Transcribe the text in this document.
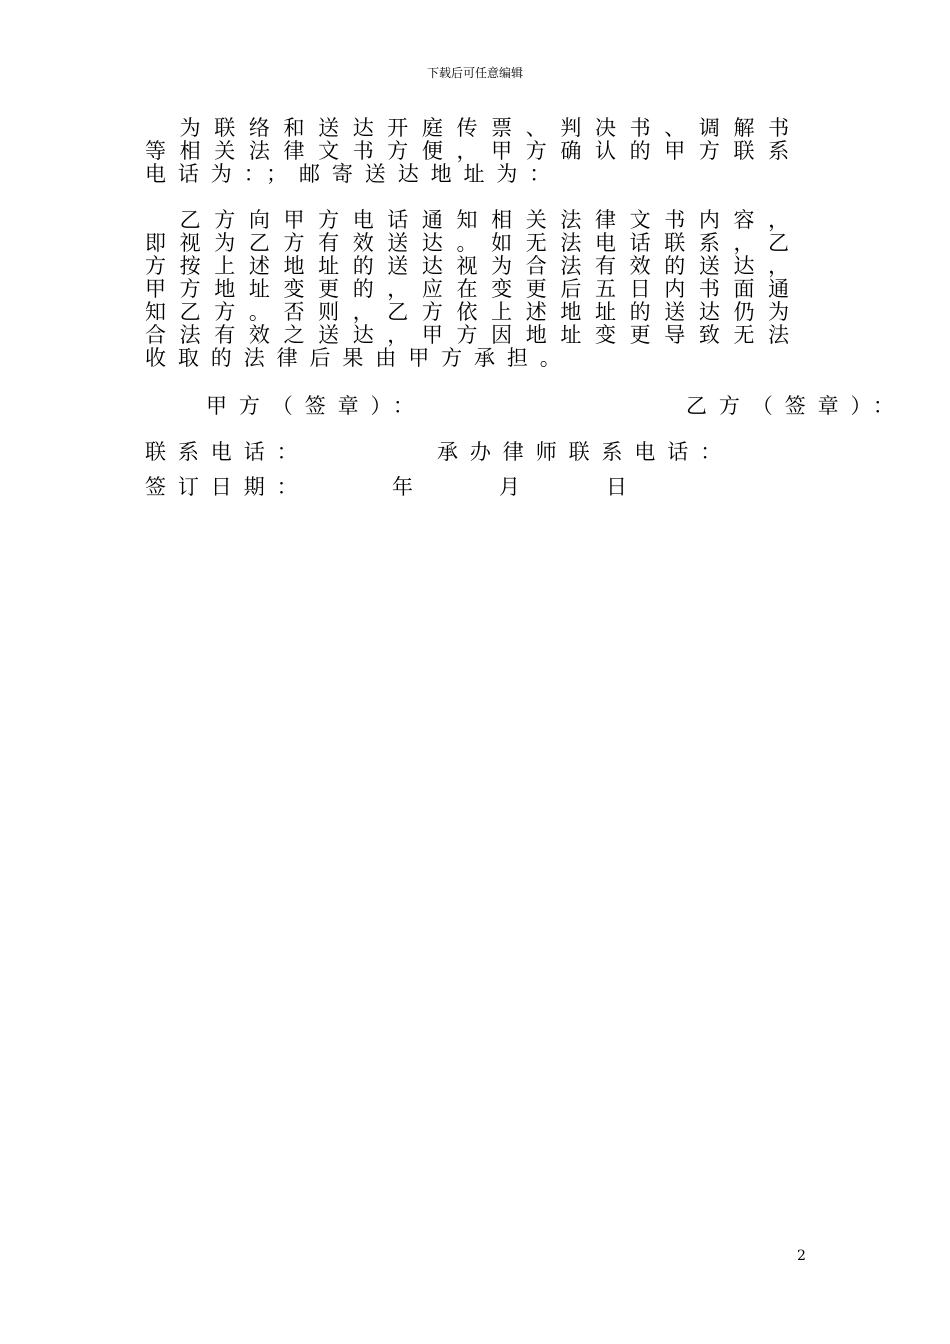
下载后可任意编辑
　为联络和送达开庭传票、判决书、调解书等相关法律文书方便，甲方确认的甲方联系电话为：；邮寄送达地址为：
　乙方向甲方电话通知相关法律文书内容，即视为乙方有效送达。如无法电话联系，乙方按上述地址的送达视为合法有效的送达，甲方地址变更的，应在变更后五日内书面通知乙方。否则，乙方依上述地址的送达仍为合法有效之送达，甲方因地址变更导致无法收取的法律后果由甲方承担。
甲方（签章）：	乙方（签章）：
联系电话：	承办律师联系电话：
签订日期：	年	月	日
2
